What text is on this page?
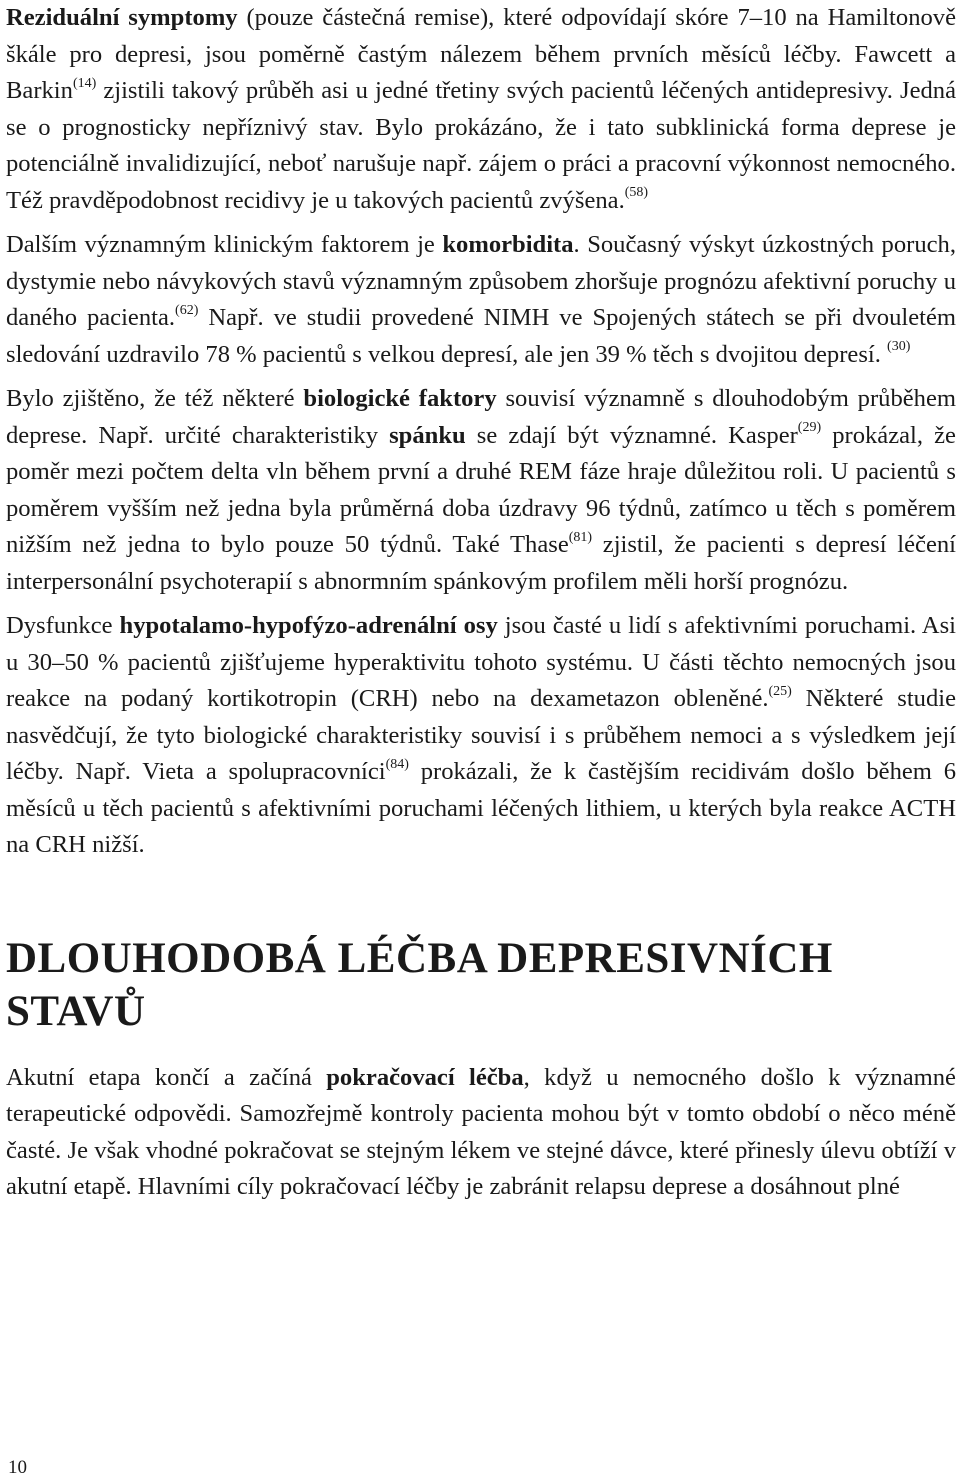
Reziduální symptomy (pouze částečná remise), které odpovídají skóre 7–10 na Hamiltonově škále pro depresi, jsou poměrně častým nálezem během prvních měsíců léčby. Fawcett a Barkin$^{(14)}$ zjistili takový průběh asi u jedné třetiny svých pacientů léčených antidepresivy. Jedná se o prognosticky nepříznivý stav. Bylo prokázáno, že i tato subklinická forma deprese je potenciálně invalidizující, neboť narušuje např. zájem o práci a pracovní výkonnost nemocného. Též pravděpodobnost recidivy je u takových pacientů zvýšena.$^{(58)}$

Dalším významným klinickým faktorem je komorbidita. Současný výskyt úzkostných poruch, dystymie nebo návykových stavů významným způsobem zhoršuje prognózu afektivní poruchy u daného pacienta.$^{(62)}$ Např. ve studii provedené NIMH ve Spojených státech se při dvouletém sledování uzdravilo 78 % pacientů s velkou depresí, ale jen 39 % těch s dvojitou depresí. $^{(30)}$

Bylo zjištěno, že též některé biologické faktory souvisí významně s dlouhodobým průběhem deprese. Např. určité charakteristiky spánku se zdají být významné. Kasper$^{(29)}$ prokázal, že poměr mezi počtem delta vln během první a druhé REM fáze hraje důležitou roli. U pacientů s poměrem vyšším než jedna byla průměrná doba úzdravy 96 týdnů, zatímco u těch s poměrem nižším než jedna to bylo pouze 50 týdnů. Také Thase$^{(81)}$ zjistil, že pacienti s depresí léčení interpersonální psychoterapií s abnormním spánkovým profilem měli horší prognózu.

Dysfunkce hypotalamo-hypofýzo-adrenální osy jsou časté u lidí s afektivními poruchami. Asi u 30–50 % pacientů zjišťujeme hyperaktivitu tohoto systému. U části těchto nemocných jsou reakce na podaný kortikotropin (CRH) nebo na dexametazon obleněné.$^{(25)}$ Některé studie nasvědčují, že tyto biologické charakteristiky souvisí i s průběhem nemoci a s výsledkem její léčby. Např. Vieta a spolupracovníci$^{(84)}$ prokázali, že k častějším recidivám došlo během 6 měsíců u těch pacientů s afektivními poruchami léčených lithiem, u kterých byla reakce ACTH na CRH nižší.

DLOUHODOBÁ LÉČBA DEPRESIVNÍCH
STAVŮ

Akutní etapa končí a začíná pokračovací léčba, když u nemocného došlo k významné terapeutické odpovědi. Samozřejmě kontroly pacienta mohou být v tomto období o něco méně časté. Je však vhodné pokračovat se stejným lékem ve stejné dávce, které přinesly úlevu obtíží v akutní etapě. Hlavními cíly pokračovací léčby je zabránit relapsu deprese a dosáhnout plné

10
